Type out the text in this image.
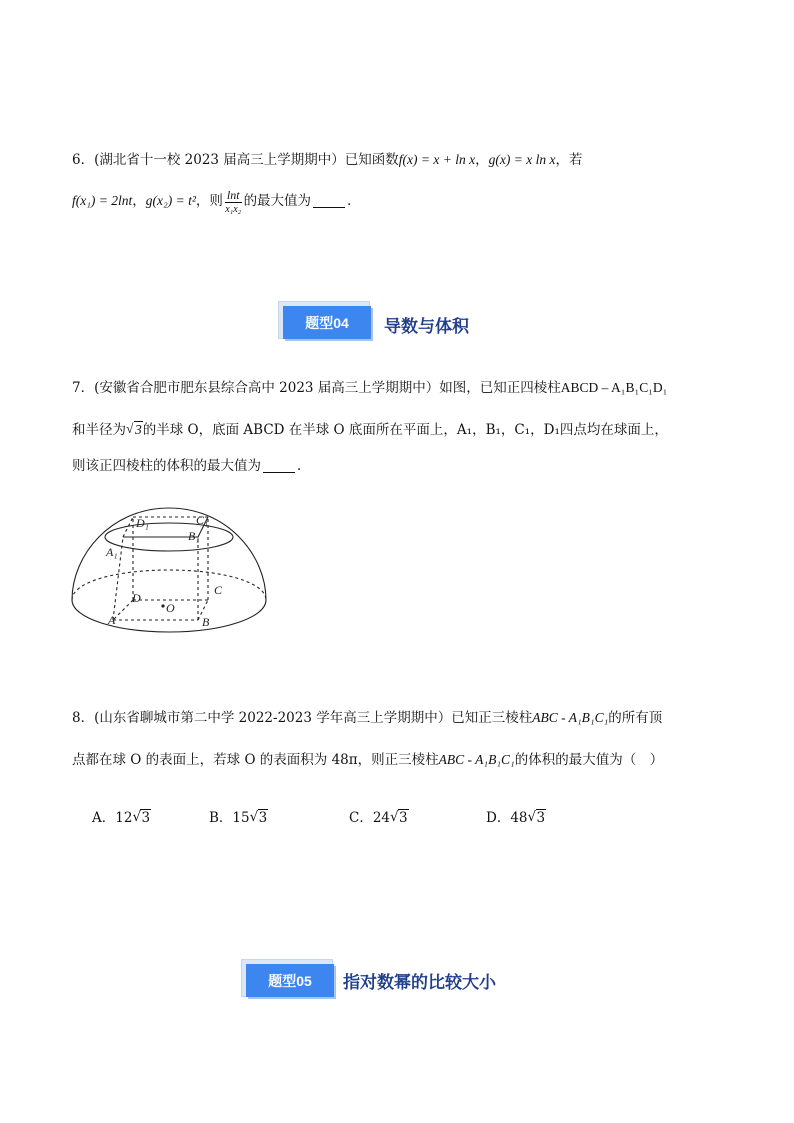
6．(湖北省十一校 2023 届高三上学期期中）已知函数f(x) = x + ln x，g(x) = x ln x，若
f(x₁) = 2lnt，g(x₂) = t²，则 $\frac{\ln t}{\text{x₁x₂}}$ 的最大值为	．
题型04	导数与体积
7．(安徽省合肥市肥东县综合高中 2023 届高三上学期期中）如图，已知正四棱柱ABCD – A₁B₁C₁D₁
和半径为 √ 3的半球 O，底面 ABCD 在半球 O 底面所在平面上，A₁，B₁，C₁，D₁四点均在球面上，
则该正四棱柱的体积的最大值为	．
D₁	C₁
B₁
A₁
D
C
O
A	B
8．(山东省聊城市第二中学 2022-2023 学年高三上学期期中）已知正三棱柱ABC - A₁B₁C₁的所有顶
点都在球 O 的表面上，若球 O 的表面积为 48π，则正三棱柱ABC - A₁B₁C₁的体积的最大值为（　）
A．12 √ 3	B．15 √ 3	C．24 √ 3	D．48 √ 3
题型05	指对数幂的比较大小
